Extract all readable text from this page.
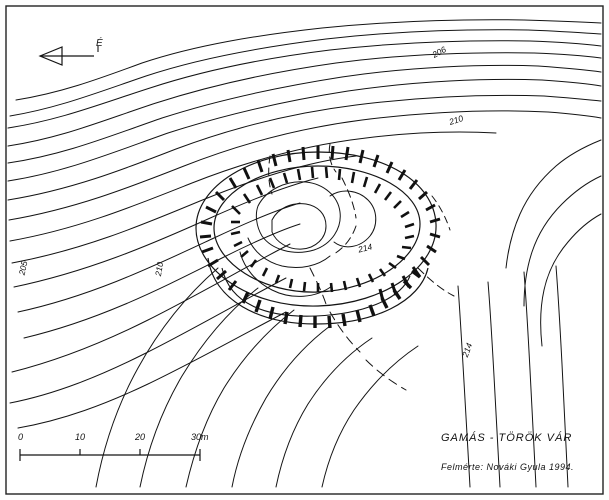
É
GAMÁS - TÖRÖK VÁR
Felmérte: Nováki Gyula 1994.
0	10	20	30m
205
206
210
210
214
214
